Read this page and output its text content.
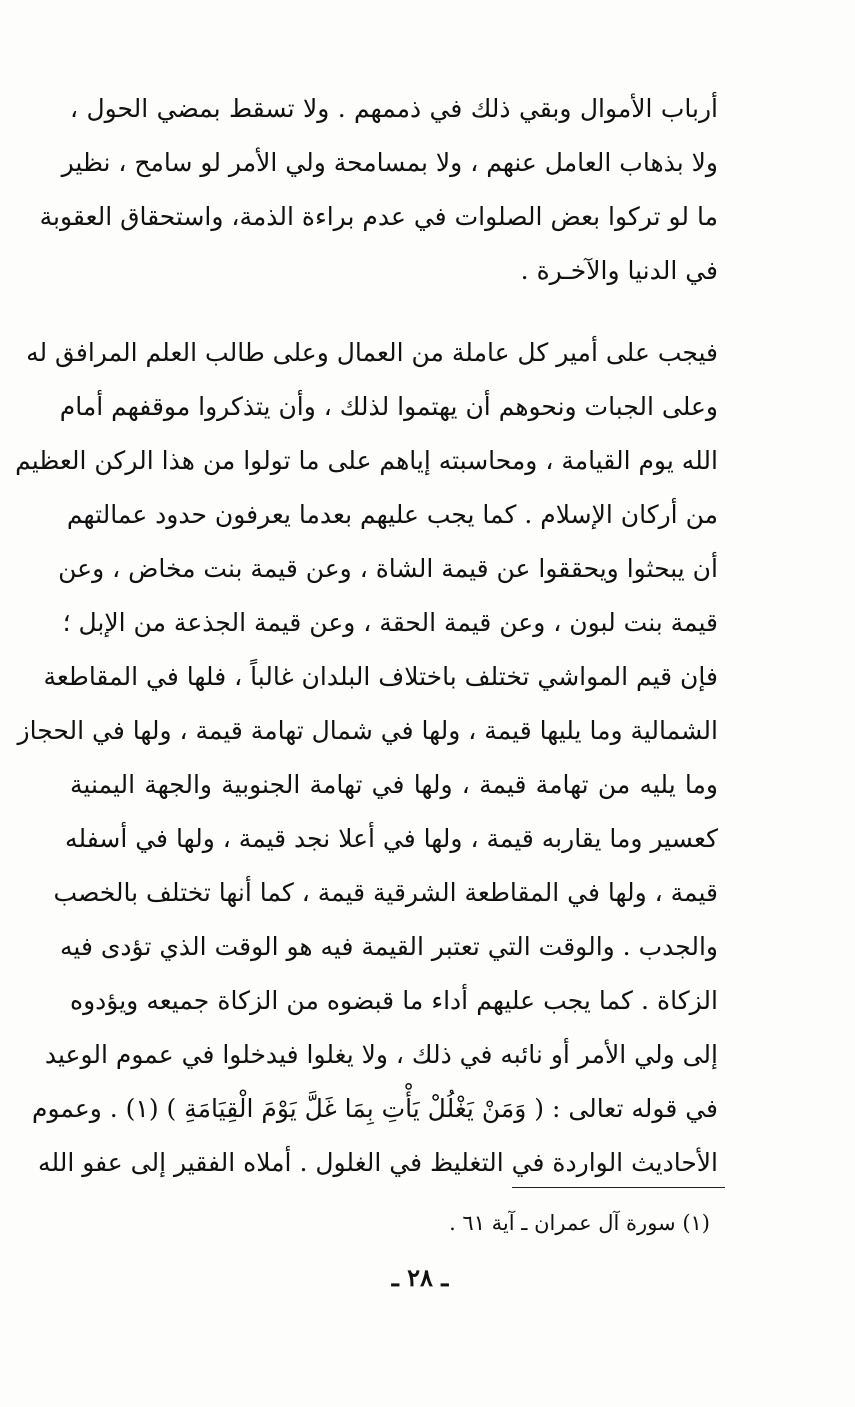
أرباب الأموال وبقي ذلك في ذممهم . ولا تسقط بمضي الحول ،
ولا بذهاب العامل عنهم ، ولا بمسامحة ولي الأمر لو سامح ، نظير
ما لو تركوا بعض الصلوات في عدم براءة الذمة، واستحقاق العقوبة
في الدنيا والآخـرة .
فيجب على أمير كل عاملة من العمال وعلى طالب العلم المرافق له
وعلى الجبات ونحوهم أن يهتموا لذلك ، وأن يتذكروا موقفهم أمام
الله يوم القيامة ، ومحاسبته إياهم على ما تولوا من هذا الركن العظيم
من أركان الإسلام . كما يجب عليهم بعدما يعرفون حدود عمالتهم
أن يبحثوا ويحققوا عن قيمة الشاة ، وعن قيمة بنت مخاض ، وعن
قيمة بنت لبون ، وعن قيمة الحقة ، وعن قيمة الجذعة من الإبل ؛
فإن قيم المواشي تختلف باختلاف البلدان غالباً ، فلها في المقاطعة
الشمالية وما يليها قيمة ، ولها في شمال تهامة قيمة ، ولها في الحجاز
وما يليه من تهامة قيمة ، ولها في تهامة الجنوبية والجهة اليمنية
كعسير وما يقاربه قيمة ، ولها في أعلا نجد قيمة ، ولها في أسفله
قيمة ، ولها في المقاطعة الشرقية قيمة ، كما أنها تختلف بالخصب
والجدب . والوقت التي تعتبر القيمة فيه هو الوقت الذي تؤدى فيه
الزكاة . كما يجب عليهم أداء ما قبضوه من الزكاة جميعه ويؤدوه
إلى ولي الأمر أو نائبه في ذلك ، ولا يغلوا فيدخلوا في عموم الوعيد
في قوله تعالى : ( وَمَنْ يَغْلُلْ يَأْتِ بِمَا غَلَّ يَوْمَ الْقِيَامَةِ ) (١) . وعموم
الأحاديث الواردة في التغليظ في الغلول . أملاه الفقير إلى عفو الله
(١) سورة آل عمران ـ آية ٦١ .
ـ ٢٨ ـ
